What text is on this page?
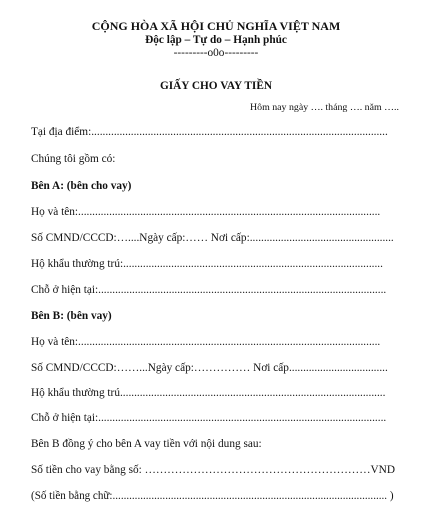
CỘNG HÒA XÃ HỘI CHỦ NGHĨA VIỆT NAM
Độc lập – Tự do – Hạnh phúc
---------o0o---------
GIẤY CHO VAY TIỀN
Hôm nay ngày …. tháng …. năm …..
Tại địa điểm:.........................................................................................................
Chúng tôi gồm có:
Bên A: (bên cho vay)
Họ và tên:...........................................................................................................
Số CMND/CCCD:…....Ngày cấp:…… Nơi cấp:...................................................
Hộ khẩu thường trú:............................................................................................
Chỗ ở hiện tại:......................................................................................................
Bên B: (bên vay)
Họ và tên:...........................................................................................................
Số CMND/CCCD:……...Ngày cấp:…………… Nơi cấp...................................
Hộ khẩu thường trú..............................................................................................
Chỗ ở hiện tại:......................................................................................................
Bên B đồng ý cho bên A vay tiền với nội dung sau:
Số tiền cho vay bằng số: ……………………………………………………VND
(Số tiền bằng chữ:................................................................................................... )
